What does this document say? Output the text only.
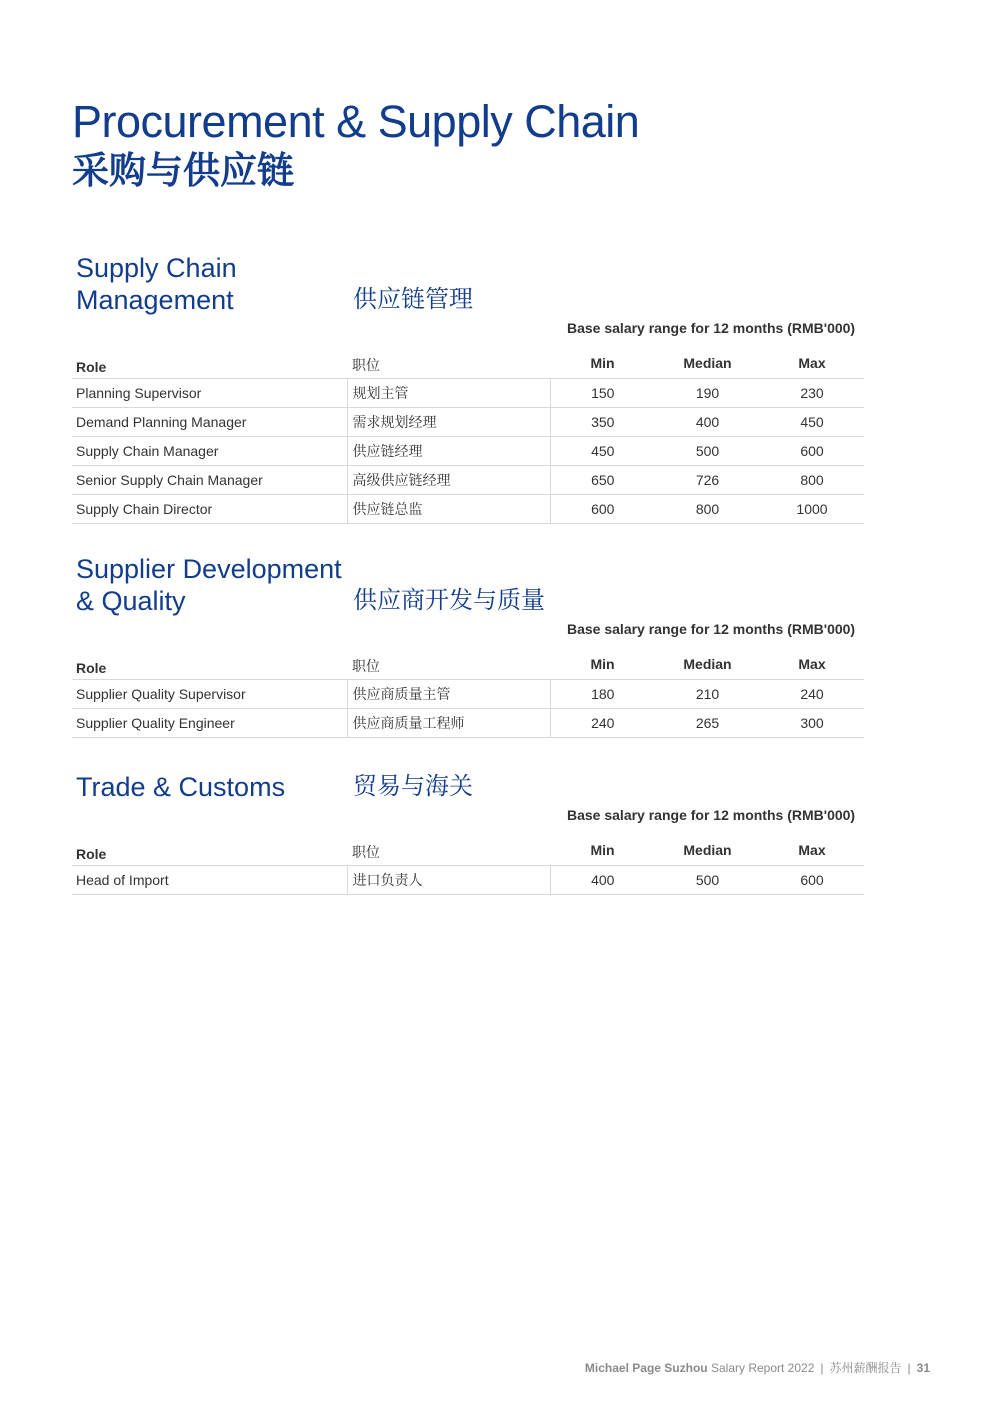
Procurement & Supply Chain
采购与供应链
Supply Chain
Management	供应链管理
Base salary range for 12 months (RMB'000)
Role	职位	Min	Median	Max
Planning Supervisor	规划主管	150	190	230
Demand Planning Manager	需求规划经理	350	400	450
Supply Chain Manager	供应链经理	450	500	600
Senior Supply Chain Manager	高级供应链经理	650	726	800
Supply Chain Director	供应链总监	600	800	1000
Supplier Development
& Quality	供应商开发与质量
Base salary range for 12 months (RMB'000)
Role	职位	Min	Median	Max
Supplier Quality Supervisor	供应商质量主管	180	210	240
Supplier Quality Engineer	供应商质量工程师	240	265	300
Trade & Customs	贸易与海关
Base salary range for 12 months (RMB'000)
Role	职位	Min	Median	Max
Head of Import	进口负责人	400	500	600
Michael Page Suzhou Salary Report 2022 | 苏州薪酬报告 | 31
